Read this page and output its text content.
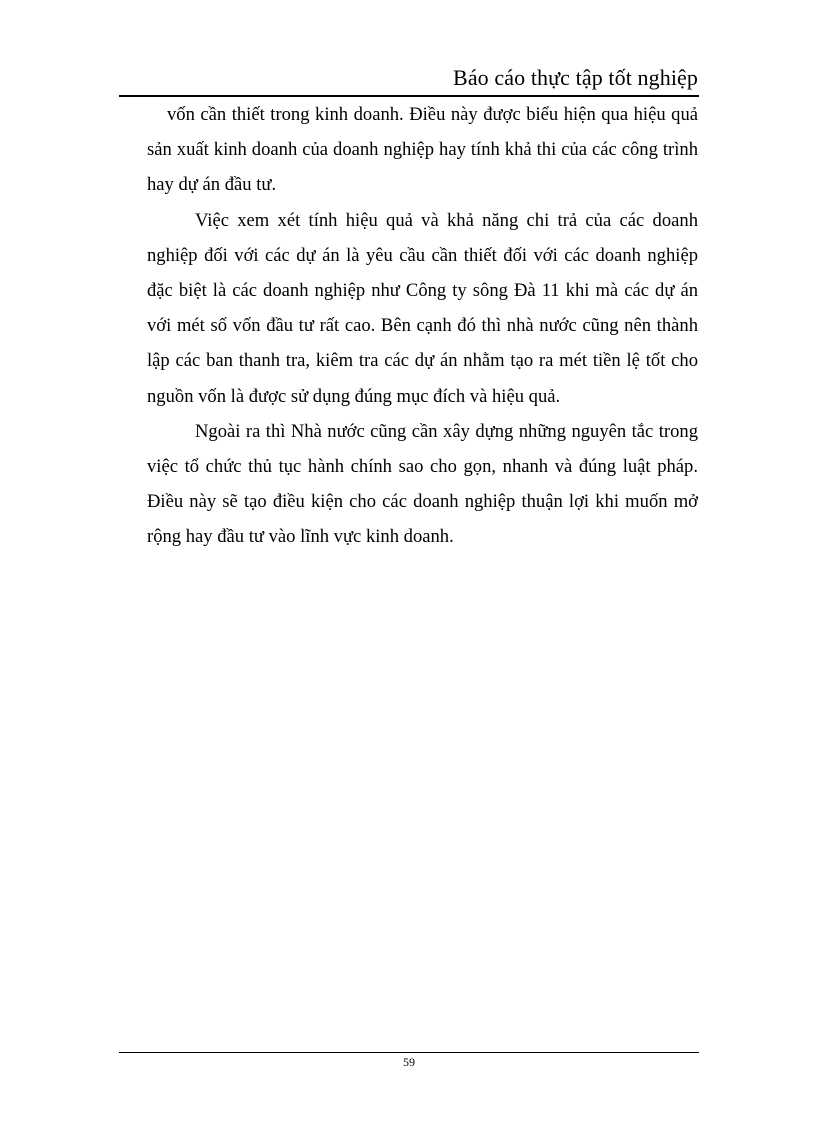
Báo cáo thực tập tốt nghiệp

vốn cần thiết trong kinh doanh. Điều này được biểu hiện qua hiệu quả sản xuất kinh doanh của doanh nghiệp hay tính khả thi của các công trình hay dự án đầu tư.

Việc xem xét tính hiệu quả và khả năng chi trả của các doanh nghiệp đối với các dự án là yêu cầu cần thiết đối với các doanh nghiệp đặc biệt là các doanh nghiệp như Công ty sông Đà 11 khi mà các dự án với mét số vốn đầu tư rất cao. Bên cạnh đó thì nhà nước cũng nên thành lập các ban thanh tra, kiêm tra các dự án nhằm tạo ra mét tiền lệ tốt cho nguồn vốn là được sử dụng đúng mục đích và hiệu quả.

Ngoài ra thì Nhà nước cũng cần xây dựng những nguyên tắc trong việc tổ chức thủ tục hành chính sao cho gọn, nhanh và đúng luật pháp. Điều này sẽ tạo điều kiện cho các doanh nghiệp thuận lợi khi muốn mở rộng hay đầu tư vào lĩnh vực kinh doanh.

59
